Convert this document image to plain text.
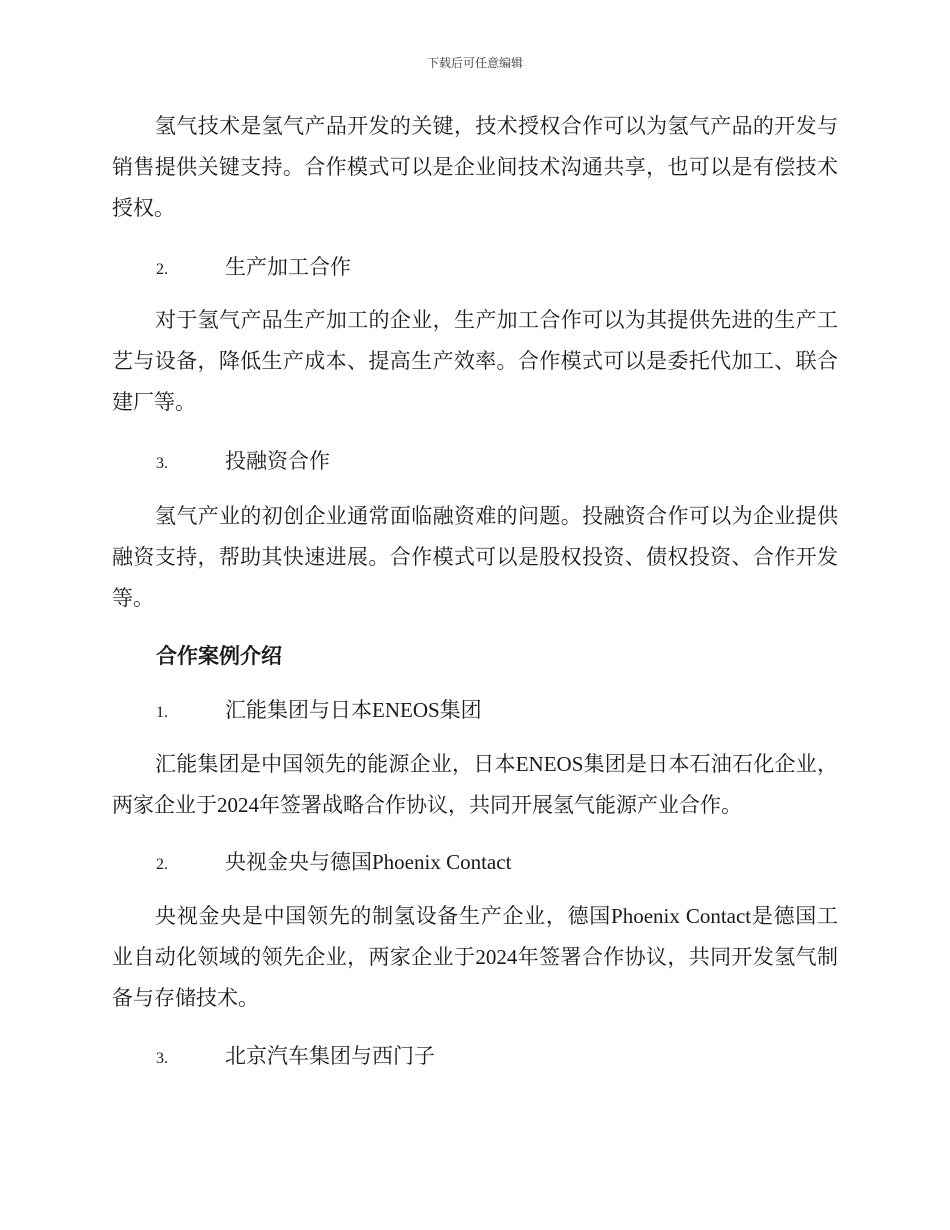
下载后可任意编辑

氢气技术是氢气产品开发的关键，技术授权合作可以为氢气产品的开发与销售提供关键支持。合作模式可以是企业间技术沟通共享，也可以是有偿技术授权。

2.	生产加工合作

对于氢气产品生产加工的企业，生产加工合作可以为其提供先进的生产工艺与设备，降低生产成本、提高生产效率。合作模式可以是委托代加工、联合建厂等。

3.	投融资合作

氢气产业的初创企业通常面临融资难的问题。投融资合作可以为企业提供融资支持，帮助其快速进展。合作模式可以是股权投资、债权投资、合作开发等。

合作案例介绍
1.	汇能集团与日本ENEOS集团

汇能集团是中国领先的能源企业，日本ENEOS集团是日本石油石化企业，两家企业于2024年签署战略合作协议，共同开展氢气能源产业合作。

2.	央视金央与德国Phoenix Contact

央视金央是中国领先的制氢设备生产企业，德国Phoenix Contact是德国工业自动化领域的领先企业，两家企业于2024年签署合作协议，共同开发氢气制备与存储技术。

3.	北京汽车集团与西门子
